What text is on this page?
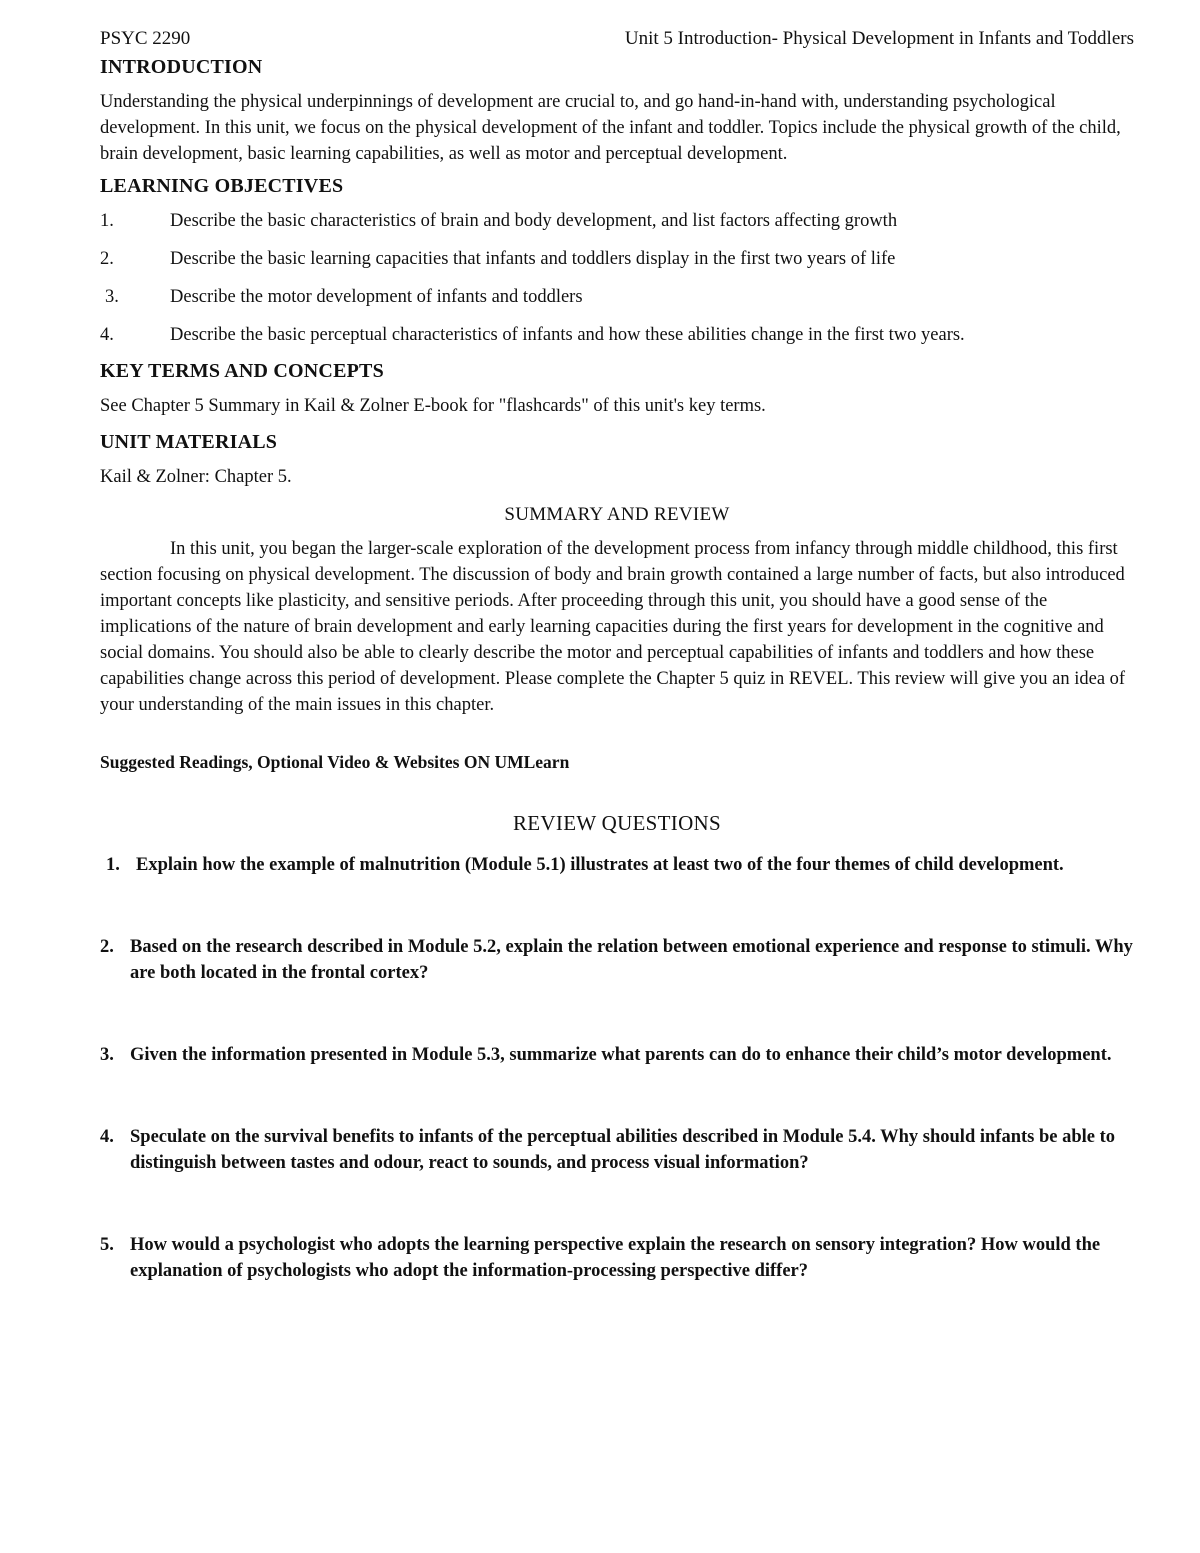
PSYC 2290	Unit 5 Introduction- Physical Development in Infants and Toddlers
INTRODUCTION

Understanding the physical underpinnings of development are crucial to, and go hand-in-hand with, understanding psychological development. In this unit, we focus on the physical development of the infant and toddler. Topics include the physical growth of the child, brain development, basic learning capabilities, as well as motor and perceptual development.

LEARNING OBJECTIVES
1.	Describe the basic characteristics of brain and body development, and list factors affecting growth
2.	Describe the basic learning capacities that infants and toddlers display in the first two years of life
3.	Describe the motor development of infants and toddlers
4.	Describe the basic perceptual characteristics of infants and how these abilities change in the first two years.
KEY TERMS AND CONCEPTS

See Chapter 5 Summary in Kail & Zolner E-book for "flashcards" of this unit's key terms.

UNIT MATERIALS

Kail & Zolner: Chapter 5.

SUMMARY AND REVIEW

In this unit, you began the larger-scale exploration of the development process from infancy through middle childhood, this first section focusing on physical development. The discussion of body and brain growth contained a large number of facts, but also introduced important concepts like plasticity, and sensitive periods. After proceeding through this unit, you should have a good sense of the implications of the nature of brain development and early learning capacities during the first years for development in the cognitive and social domains. You should also be able to clearly describe the motor and perceptual capabilities of infants and toddlers and how these capabilities change across this period of development. Please complete the Chapter 5 quiz in REVEL. This review will give you an idea of your understanding of the main issues in this chapter.

Suggested Readings, Optional Video & Websites ON UMLearn
REVIEW QUESTIONS
1. Explain how the example of malnutrition (Module 5.1) illustrates at least two of the four themes of child development.
2. Based on the research described in Module 5.2, explain the relation between emotional experience and response to stimuli. Why are both located in the frontal cortex?
3. Given the information presented in Module 5.3, summarize what parents can do to enhance their child’s motor development.
4. Speculate on the survival benefits to infants of the perceptual abilities described in Module 5.4. Why should infants be able to distinguish between tastes and odour, react to sounds, and process visual information?
5. How would a psychologist who adopts the learning perspective explain the research on sensory integration? How would the explanation of psychologists who adopt the information-processing perspective differ?
